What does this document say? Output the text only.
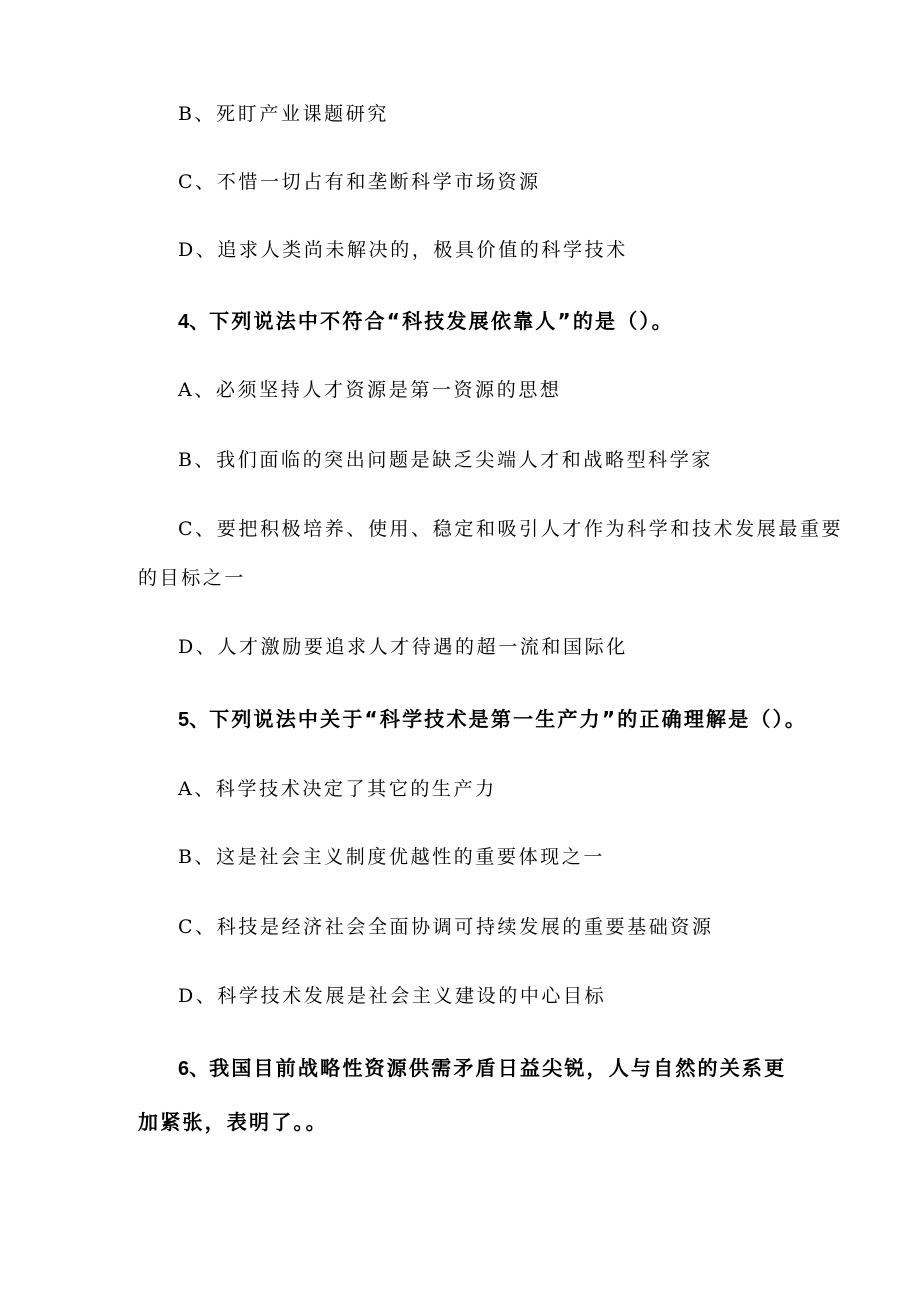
B、死盯产业课题研究
C、不惜一切占有和垄断科学市场资源
D、追求人类尚未解决的，极具价值的科学技术
4、下列说法中不符合“科技发展依靠人”的是（）。
A、必须坚持人才资源是第一资源的思想
B、我们面临的突出问题是缺乏尖端人才和战略型科学家
C、要把积极培养、使用、稳定和吸引人才作为科学和技术发展最重要
的目标之一
D、人才激励要追求人才待遇的超一流和国际化
5、下列说法中关于“科学技术是第一生产力”的正确理解是（）。
A、科学技术决定了其它的生产力
B、这是社会主义制度优越性的重要体现之一
C、科技是经济社会全面协调可持续发展的重要基础资源
D、科学技术发展是社会主义建设的中心目标
6、我国目前战略性资源供需矛盾日益尖锐，人与自然的关系更
加紧张，表明了。。
